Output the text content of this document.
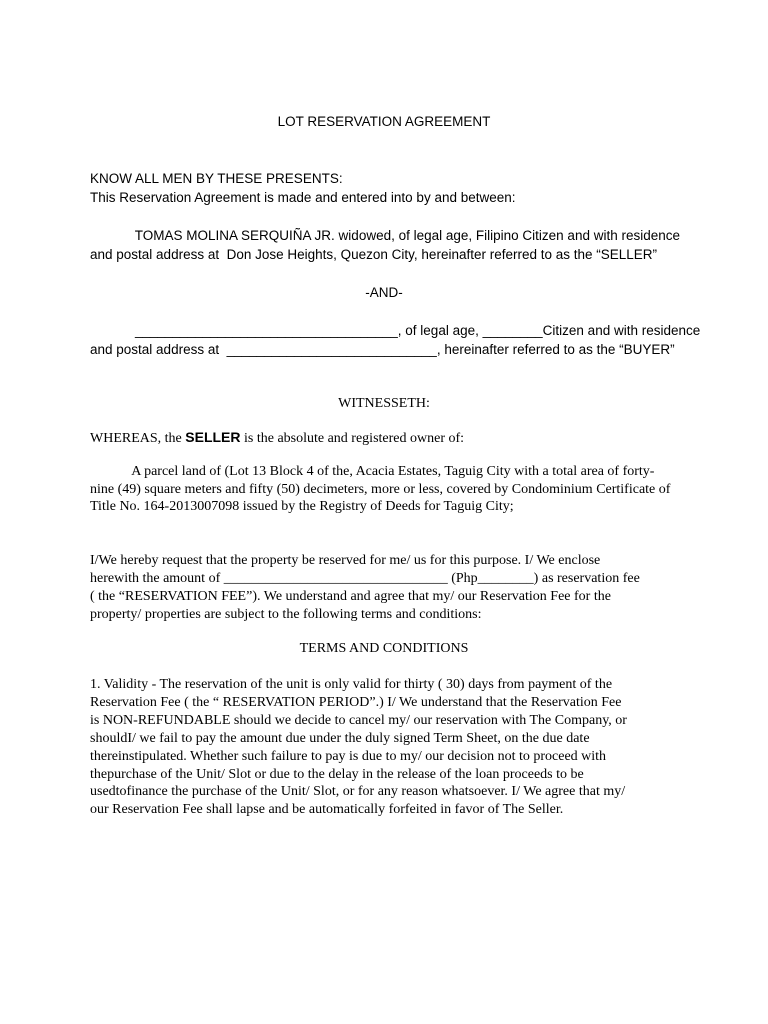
LOT RESERVATION AGREEMENT

KNOW ALL MEN BY THESE PRESENTS:

This Reservation Agreement is made and entered into by and between:

TOMAS MOLINA SERQUIÑA JR. widowed, of legal age, Filipino Citizen and with residence

and postal address at  Don Jose Heights, Quezon City, hereinafter referred to as the “SELLER”

-AND-

___________________________________, of legal age, ________Citizen and with residence

and postal address at  ____________________________, hereinafter referred to as the “BUYER”

WITNESSETH:

WHEREAS, the SELLER is the absolute and registered owner of:

A parcel land of (Lot 13 Block 4 of the, Acacia Estates, Taguig City with a total area of forty-
nine (49) square meters and fifty (50) decimeters, more or less, covered by Condominium Certificate of
Title No. 164-2013007098 issued by the Registry of Deeds for Taguig City;
I/We hereby request that the property be reserved for me/ us for this purpose. I/ We enclose
herewith the amount of ________________________________ (Php________) as reservation fee
( the “RESERVATION FEE”). We understand and agree that my/ our Reservation Fee for the
property/ properties are subject to the following terms and conditions:

TERMS AND CONDITIONS

1. Validity - The reservation of the unit is only valid for thirty ( 30) days from payment of the
Reservation Fee ( the “ RESERVATION PERIOD”.) I/ We understand that the Reservation Fee
is NON-REFUNDABLE should we decide to cancel my/ our reservation with The Company, or
shouldI/ we fail to pay the amount due under the duly signed Term Sheet, on the due date
thereinstipulated. Whether such failure to pay is due to my/ our decision not to proceed with
thepurchase of the Unit/ Slot or due to the delay in the release of the loan proceeds to be
usedtofinance the purchase of the Unit/ Slot, or for any reason whatsoever. I/ We agree that my/
our Reservation Fee shall lapse and be automatically forfeited in favor of The Seller.
